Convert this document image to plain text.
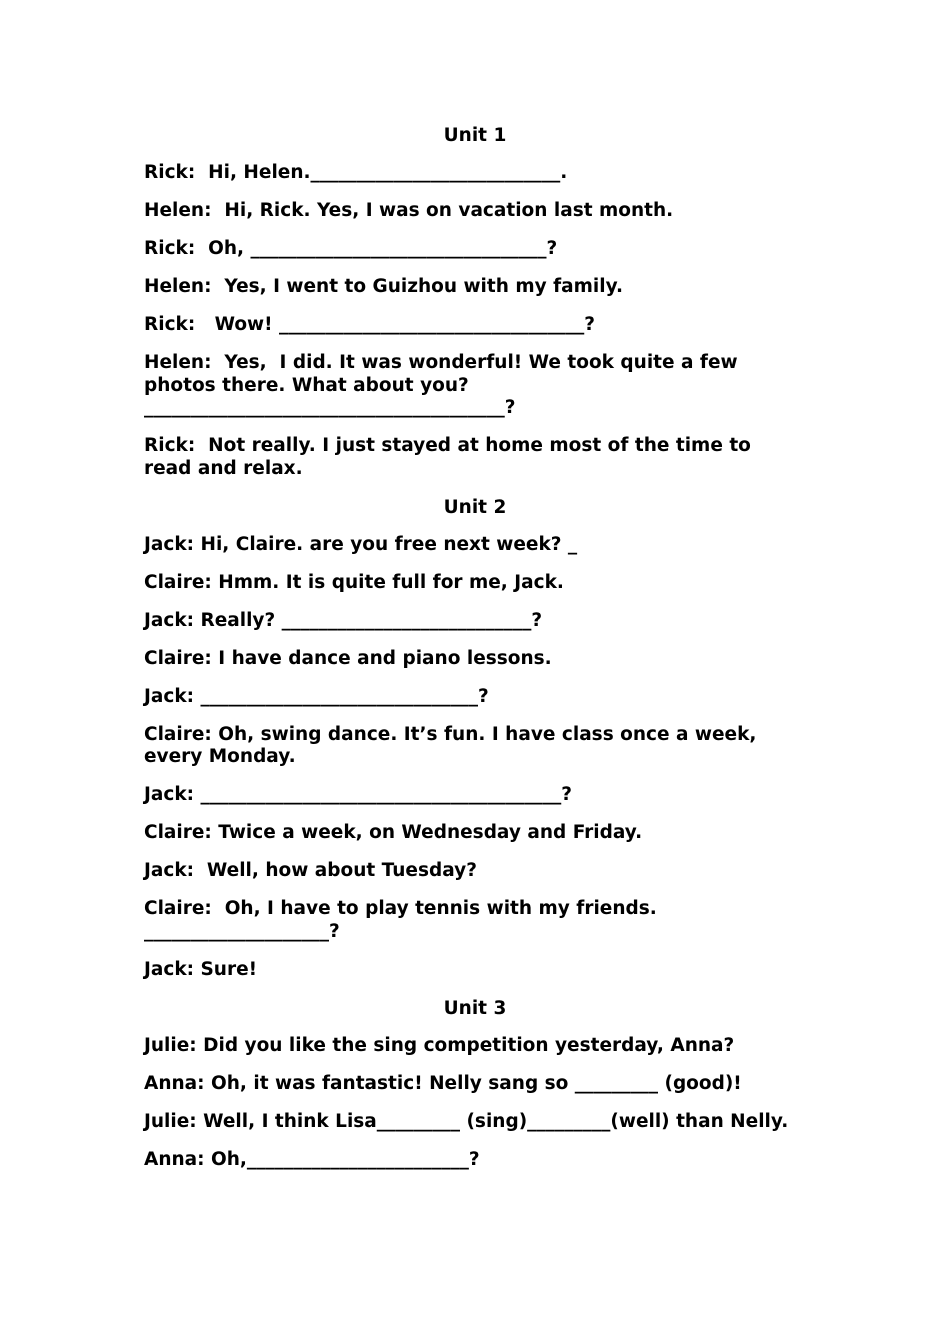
Unit 1
Rick:  Hi, Helen.___________________________.
Helen:  Hi, Rick. Yes, I was on vacation last month.
Rick:  Oh, ________________________________?
Helen:  Yes, I went to Guizhou with my family.
Rick:   Wow! _________________________________?
Helen:  Yes,  I did. It was wonderful! We took quite a few photos there. What about you? _______________________________________?
Rick:  Not really. I just stayed at home most of the time to read and relax.
Unit 2
Jack: Hi, Claire. are you free next week? _
Claire: Hmm. It is quite full for me, Jack.
Jack: Really? ___________________________?
Claire: I have dance and piano lessons.
Jack: ______________________________?
Claire: Oh, swing dance. It’s fun. I have class once a week, every Monday.
Jack: _______________________________________?
Claire: Twice a week, on Wednesday and Friday.
Jack:  Well, how about Tuesday?
Claire:  Oh, I have to play tennis with my friends. ____________________?
Jack: Sure!
Unit 3
Julie: Did you like the sing competition yesterday, Anna?
Anna: Oh, it was fantastic! Nelly sang so _________ (good)!
Julie: Well, I think Lisa_________ (sing)_________(well) than Nelly.
Anna: Oh,________________________?
